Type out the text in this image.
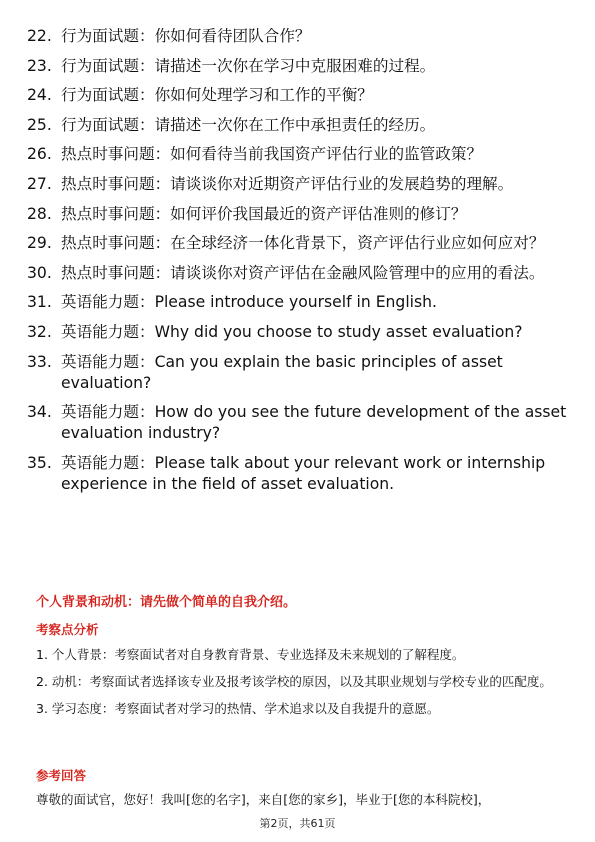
22. 行为面试题：你如何看待团队合作？
23. 行为面试题：请描述一次你在学习中克服困难的过程。
24. 行为面试题：你如何处理学习和工作的平衡？
25. 行为面试题：请描述一次你在工作中承担责任的经历。
26. 热点时事问题：如何看待当前我国资产评估行业的监管政策？
27. 热点时事问题：请谈谈你对近期资产评估行业的发展趋势的理解。
28. 热点时事问题：如何评价我国最近的资产评估准则的修订？
29. 热点时事问题：在全球经济一体化背景下，资产评估行业应如何应对？
30. 热点时事问题：请谈谈你对资产评估在金融风险管理中的应用的看法。
31. 英语能力题：Please introduce yourself in English.
32. 英语能力题：Why did you choose to study asset evaluation?
33. 英语能力题：Can you explain the basic principles of asset evaluation?
34. 英语能力题：How do you see the future development of the asset evaluation industry?
35. 英语能力题：Please talk about your relevant work or internship experience in the field of asset evaluation.
个人背景和动机：请先做个简单的自我介绍。
考察点分析

1. 个人背景：考察面试者对自身教育背景、专业选择及未来规划的了解程度。

2. 动机：考察面试者选择该专业及报考该学校的原因，以及其职业规划与学校专业的匹配度。

3. 学习态度：考察面试者对学习的热情、学术追求以及自我提升的意愿。

参考回答
尊敬的面试官，您好！我叫[您的名字]，来自[您的家乡]，毕业于[您的本科院校]，
第2页，共61页
